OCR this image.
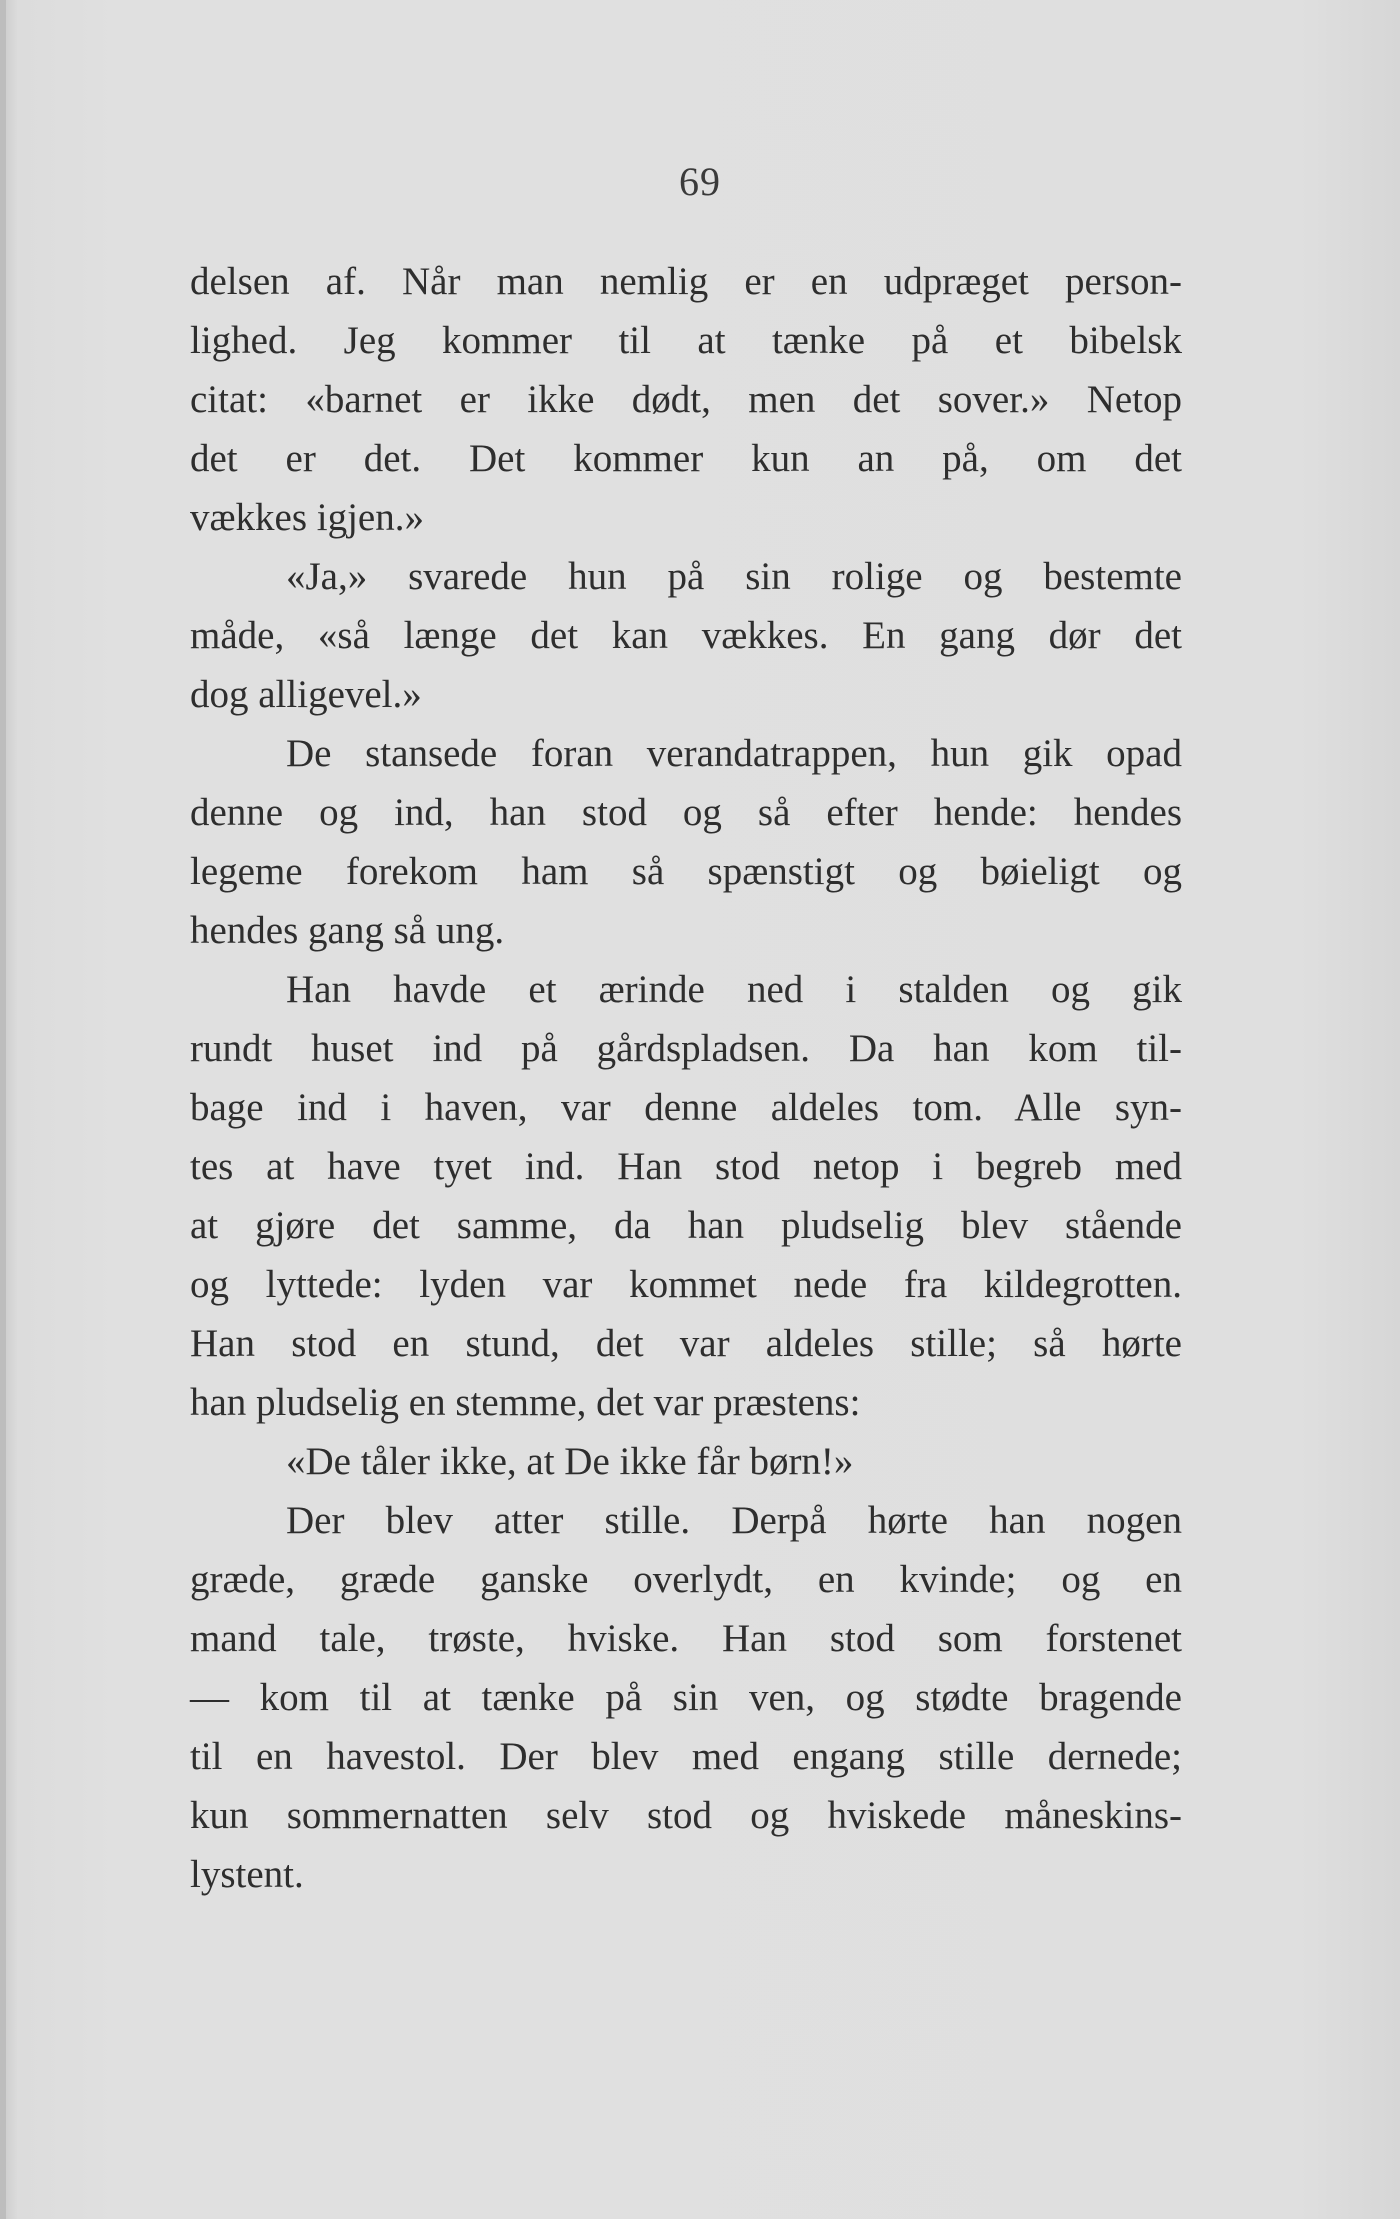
69
delsen af. Når man nemlig er en udpræget person-
lighed. Jeg kommer til at tænke på et bibelsk
citat: «barnet er ikke dødt, men det sover.» Netop
det er det. Det kommer kun an på, om det
vækkes igjen.»
«Ja,» svarede hun på sin rolige og bestemte
måde, «så længe det kan vækkes. En gang dør det
dog alligevel.»
De stansede foran verandatrappen, hun gik opad
denne og ind, han stod og så efter hende: hendes
legeme forekom ham så spænstigt og bøieligt og
hendes gang så ung.
Han havde et ærinde ned i stalden og gik
rundt huset ind på gårdspladsen. Da han kom til-
bage ind i haven, var denne aldeles tom. Alle syn-
tes at have tyet ind. Han stod netop i begreb med
at gjøre det samme, da han pludselig blev stående
og lyttede: lyden var kommet nede fra kildegrotten.
Han stod en stund, det var aldeles stille; så hørte
han pludselig en stemme, det var præstens:
«De tåler ikke, at De ikke får børn!»
Der blev atter stille. Derpå hørte han nogen
græde, græde ganske overlydt, en kvinde; og en
mand tale, trøste, hviske. Han stod som forstenet
— kom til at tænke på sin ven, og stødte bragende
til en havestol. Der blev med engang stille dernede;
kun sommernatten selv stod og hviskede måneskins-
lystent.
